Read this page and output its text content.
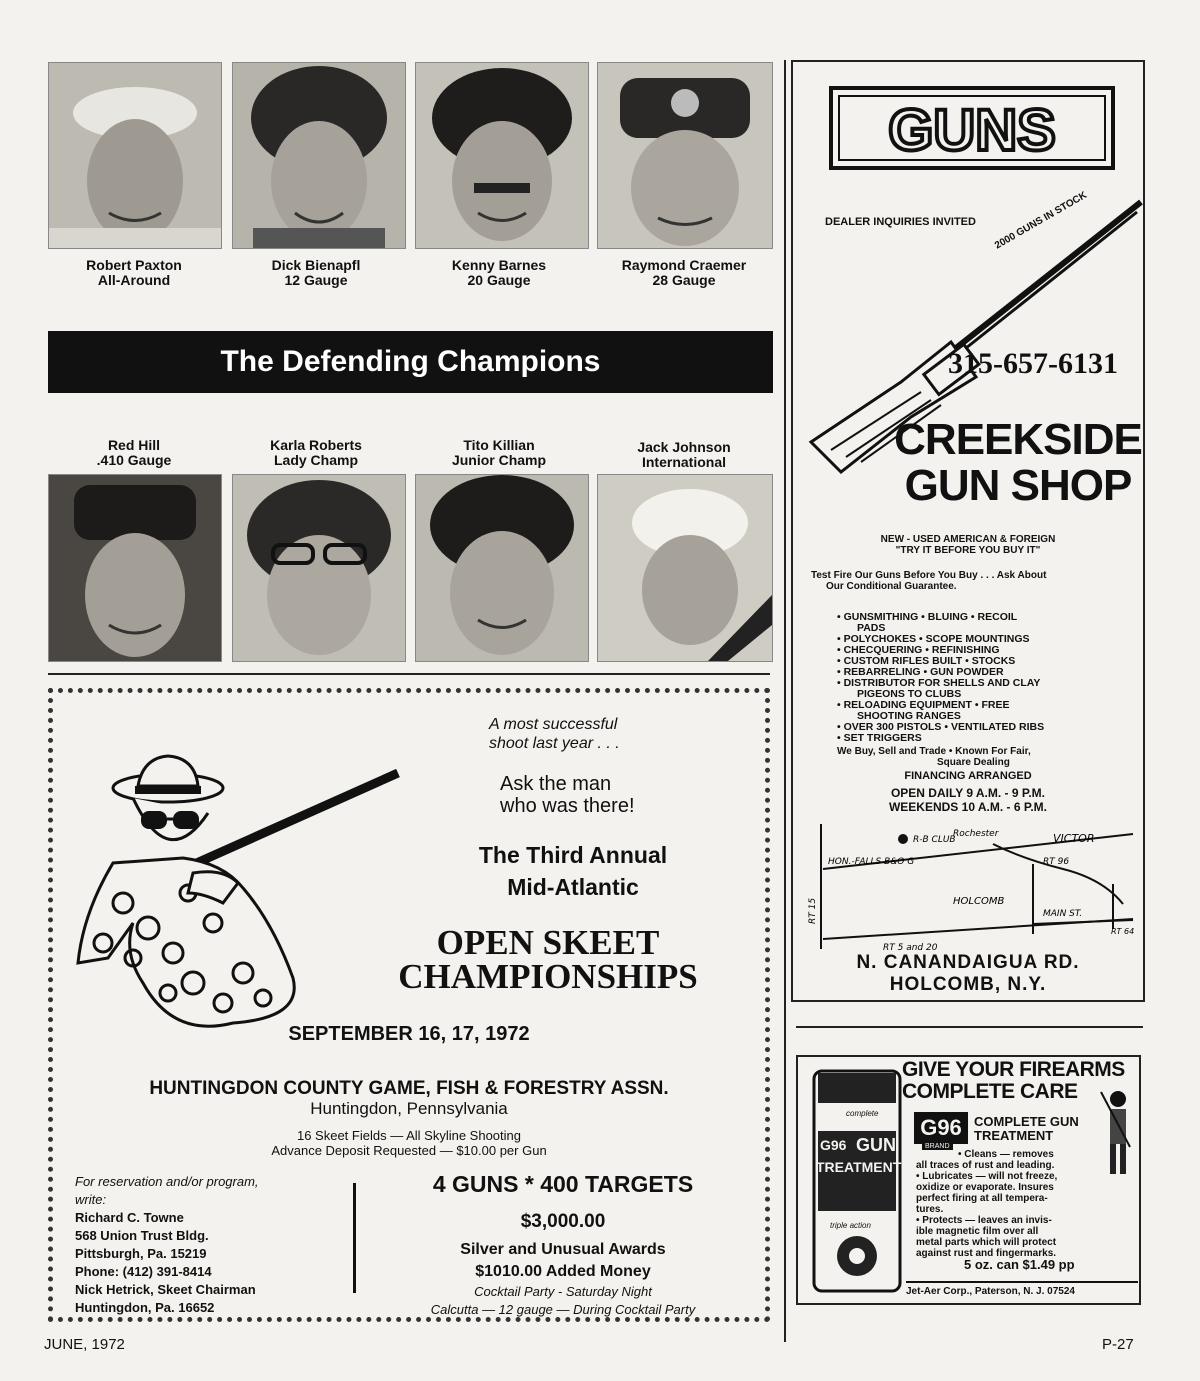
Robert Paxton
All-Around
Dick Bienapfl
12 Gauge
Kenny Barnes
20 Gauge
Raymond Craemer
28 Gauge
The Defending Champions
Red Hill
.410 Gauge
Karla Roberts
Lady Champ
Tito Killian
Junior Champ
Jack Johnson
International
A most successful
shoot last year . . .
Ask the man
who was there!
The Third Annual
Mid-Atlantic
OPEN SKEET
CHAMPIONSHIPS
SEPTEMBER 16, 17, 1972
HUNTINGDON COUNTY GAME, FISH & FORESTRY ASSN.
Huntingdon, Pennsylvania
16 Skeet Fields — All Skyline Shooting
Advance Deposit Requested — $10.00 per Gun
For reservation and/or program,
write:
Richard C. Towne
568 Union Trust Bldg.
Pittsburgh, Pa. 15219
Phone: (412) 391-8414
Nick Hetrick, Skeet Chairman
Huntingdon, Pa. 16652
4 GUNS * 400 TARGETS
$3,000.00
Silver and Unusual Awards
$1010.00 Added Money
Cocktail Party - Saturday Night
Calcutta — 12 gauge — During Cocktail Party
GUNS
DEALER INQUIRIES INVITED 2000 GUNS IN STOCK
315-657-6131
CREEKSIDE
GUN SHOP
NEW - USED AMERICAN & FOREIGN
"TRY IT BEFORE YOU BUY IT"
Test Fire Our Guns Before You Buy . . . Ask About
Our Conditional Guarantee.
• GUNSMITHING • BLUING • RECOIL
PADS
• POLYCHOKES • SCOPE MOUNTINGS
• CHECQUERING • REFINISHING
• CUSTOM RIFLES BUILT • STOCKS
• REBARRELING • GUN POWDER
• DISTRIBUTOR FOR SHELLS AND CLAY
PIGEONS TO CLUBS
• RELOADING EQUIPMENT • FREE
SHOOTING RANGES
• OVER 300 PISTOLS • VENTILATED RIBS
• SET TRIGGERS
We Buy, Sell and Trade • Known For Fair,
Square Dealing
FINANCING ARRANGED
OPEN DAILY 9 A.M. - 9 P.M.
WEEKENDS 10 A.M. - 6 P.M.
Rochester
R-B CLUB	VICTOR
HON.-FALLS B&O G	RT 96
RT 15	HOLCOMB
MAIN ST.
RT 64
RT 5 and 20
N. CANANDAIGUA RD.
HOLCOMB, N.Y.
complete
G96 GUN
TREATMENT
triple action
GIVE YOUR FIREARMS
COMPLETE CARE
G96
BRAND
COMPLETE GUN
TREATMENT
• Cleans — removes
all traces of rust and leading.
• Lubricates — will not freeze,
oxidize or evaporate. Insures
perfect firing at all tempera-
tures.
• Protects — leaves an invis-
ible magnetic film over all
metal parts which will protect
against rust and fingermarks.
5 oz. can $1.49 pp
Jet-Aer Corp., Paterson, N. J. 07524
JUNE, 1972	P-27
